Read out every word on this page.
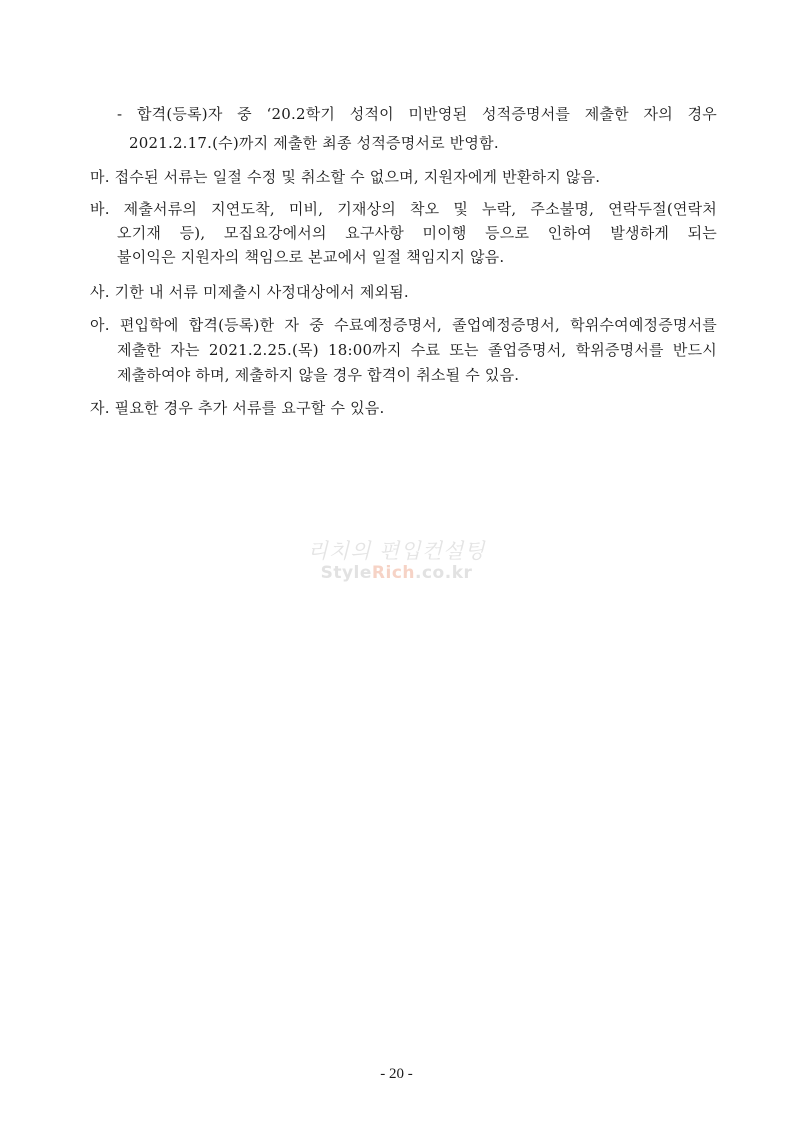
- 합격(등록)자 중 ‘20.2학기 성적이 미반영된 성적증명서를 제출한 자의 경우
2021.2.17.(수)까지 제출한 최종 성적증명서로 반영함.
마. 접수된 서류는 일절 수정 및 취소할 수 없으며, 지원자에게 반환하지 않음.
바. 제출서류의 지연도착, 미비, 기재상의 착오 및 누락, 주소불명, 연락두절(연락처
오기재 등), 모집요강에서의 요구사항 미이행 등으로 인하여 발생하게 되는
불이익은 지원자의 책임으로 본교에서 일절 책임지지 않음.
사. 기한 내 서류 미제출시 사정대상에서 제외됨.
아. 편입학에 합격(등록)한 자 중 수료예정증명서, 졸업예정증명서, 학위수여예정증명서를
제출한 자는 2021.2.25.(목) 18:00까지 수료 또는 졸업증명서, 학위증명서를 반드시
제출하여야 하며, 제출하지 않을 경우 합격이 취소될 수 있음.
자. 필요한 경우 추가 서류를 요구할 수 있음.
리치의 편입컨설팅
StyleRich.co.kr
- 20 -
